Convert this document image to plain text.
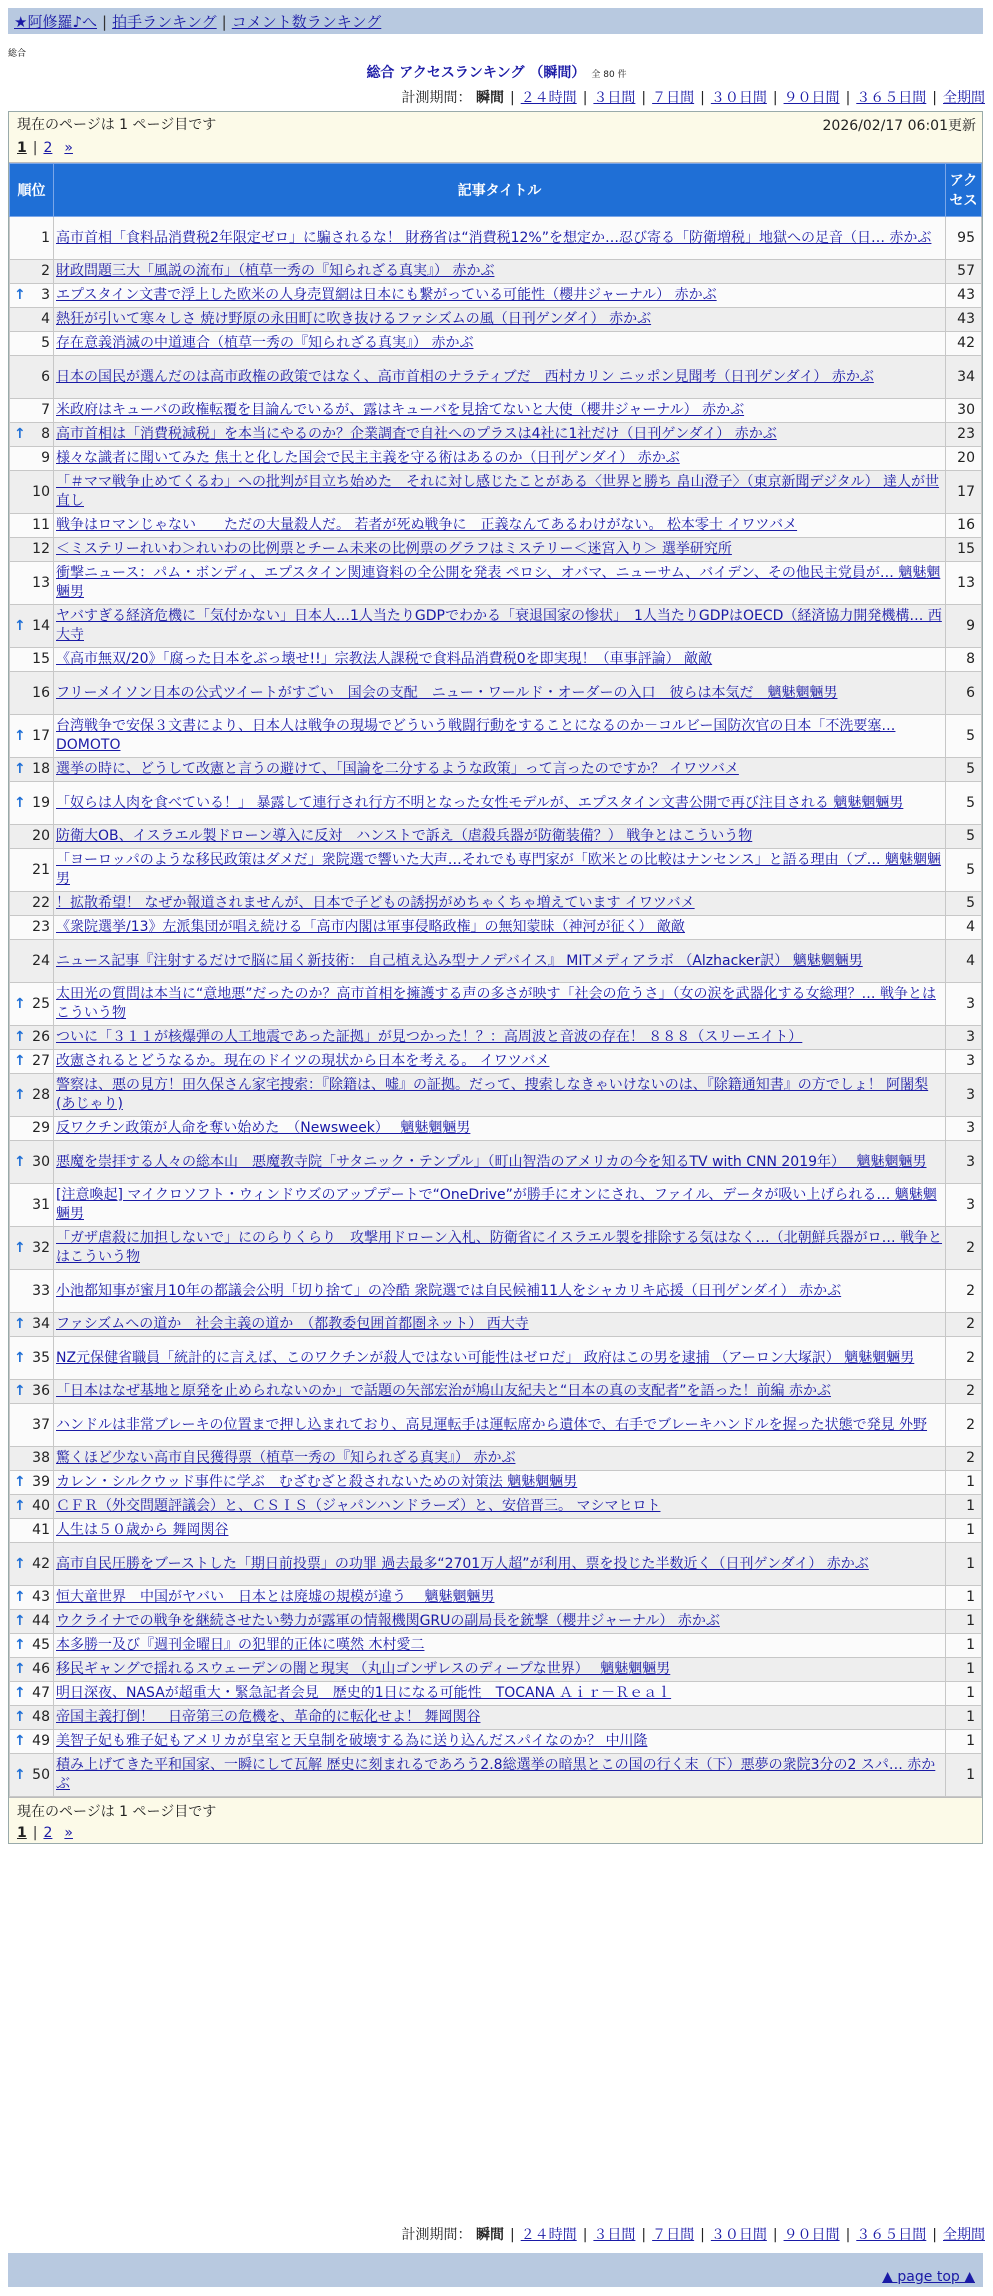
★阿修羅♪へ | 拍手ランキング | コメント数ランキング
総合
総合 アクセスランキング （瞬間） 全 80 件
計測期間： 瞬間 | ２４時間 | ３日間 | ７日間 | ３０日間 | ９０日間 | ３６５日間 | 全期間
現在のページは 1 ページ目です	2026/02/17 06:01更新
1 | 2 »
順位	記事タイトル	アクセス
1	高市首相「食料品消費税2年限定ゼロ」に騙されるな！ 財務省は“消費税12%”を想定か…忍び寄る「防衛増税」地獄への足音（日… 赤かぶ	95
2	財政問題三大「風説の流布」（植草一秀の『知られざる真実』） 赤かぶ	57

↑ 3	エプスタイン文書で浮上した欧米の人身売買網は日本にも繋がっている可能性（櫻井ジャーナル） 赤かぶ	43
4	熱狂が引いて寒々しさ 焼け野原の永田町に吹き抜けるファシズムの風（日刊ゲンダイ） 赤かぶ	43
5	存在意義消滅の中道連合（植草一秀の『知られざる真実』） 赤かぶ	42
6	日本の国民が選んだのは高市政権の政策ではなく、高市首相のナラティブだ　西村カリン ニッポン見聞考（日刊ゲンダイ） 赤かぶ	34
7	米政府はキューバの政権転覆を目論んでいるが、露はキューバを見捨てないと大使（櫻井ジャーナル） 赤かぶ	30

↑ 8	高市首相は「消費税減税」を本当にやるのか？企業調査で自社へのプラスは4社に1社だけ（日刊ゲンダイ） 赤かぶ	23
9	様々な識者に聞いてみた 焦土と化した国会で民主主義を守る術はあるのか（日刊ゲンダイ） 赤かぶ	20
10	「＃ママ戦争止めてくるわ」への批判が目立ち始めた　それに対し感じたことがある〈世界と勝ち 畠山澄子〉（東京新聞デジタル） 達人が世直し	17
11	戦争はロマンじゃない　　ただの大量殺人だ。 若者が死ぬ戦争に　正義なんてあるわけがない。 松本零士 イワツバメ	16
12	＜ミステリーれいわ＞れいわの比例票とチーム未来の比例票のグラフはミステリー＜迷宮入り＞ 選挙研究所	15
13	衝撃ニュース：パム・ボンディ、エプスタイン関連資料の全公開を発表 ペロシ、オバマ、ニューサム、バイデン、その他民主党員が… 魑魅魍魎男	13

↑ 14	ヤバすぎる経済危機に「気付かない」日本人…1人当たりGDPでわかる「衰退国家の惨状」　1人当たりGDPはOECD（経済協力開発機構… 西大寺	9
15	《高市無双/20》「腐った日本をぶっ壊せ!!」宗教法人課税で食料品消費税0を即実現！（車事評論） 敵敵	8
16	フリーメイソン日本の公式ツイートがすごい　国会の支配　ニュー・ワールド・オーダーの入口　彼らは本気だ　魑魅魍魎男	6

↑ 17	台湾戦争で安保３文書により、日本人は戦争の現場でどういう戦闘行動をすることになるのか－コルビー国防次官の日本「不洗要塞… DOMOTO	5

↑ 18	選挙の時に、どうして改憲と言うの避けて、「国論を二分するような政策」って言ったのですか？ イワツバメ	5

↑ 19	「奴らは人肉を食べている！」 暴露して連行され行方不明となった女性モデルが、エプスタイン文書公開で再び注目される 魑魅魍魎男	5
20	防衛大OB、イスラエル製ドローン導入に反対　ハンストで訴え（虐殺兵器が防衛装備？） 戦争とはこういう物	5
21	「ヨーロッパのような移民政策はダメだ」衆院選で響いた大声…それでも専門家が「欧米との比較はナンセンス」と語る理由（プ… 魑魅魍魎男	5
22	！拡散希望！ なぜか報道されませんが、日本で子どもの誘拐がめちゃくちゃ増えています イワツバメ	5
23	《衆院選挙/13》左派集団が唱え続ける「高市内閣は軍事侵略政権」の無知蒙昧（神河が征く） 敵敵	4
24	ニュース記事『注射するだけで脳に届く新技術： 自己植え込み型ナノデバイス』 MITメディアラボ （Alzhacker訳） 魑魅魍魎男	4

↑ 25	太田光の質問は本当に“意地悪”だったのか？高市首相を擁護する声の多さが映す「社会の危うさ」（女の涙を武器化する女総理？… 戦争とはこういう物	3

↑ 26	ついに「３１１が核爆弾の人工地震であった証拠」が見つかった！？：高周波と音波の存在！ ８８８（スリーエイト）	3

↑ 27	改憲されるとどうなるか。現在のドイツの現状から日本を考える。 イワツバメ	3

↑ 28	警察は、悪の見方！田久保さん家宅捜索：『除籍は、嘘』の証拠。だって、捜索しなきゃいけないのは、『除籍通知書』の方でしょ！ 阿闍梨(あじゃり)	3
29	反ワクチン政策が人命を奪い始めた　（Newsweek）　 魑魅魍魎男	3

↑ 30	悪魔を崇拝する人々の総本山　悪魔教寺院「サタニック・テンプル」（町山智浩のアメリカの今を知るTV with CNN 2019年）　 魑魅魍魎男	3
31	[注意喚起] マイクロソフト・ウィンドウズのアップデートで“OneDrive”が勝手にオンにされ、ファイル、データが吸い上げられる… 魑魅魍魎男	3

↑ 32	「ガザ虐殺に加担しないで」にのらりくらり　攻撃用ドローン入札、防衛省にイスラエル製を排除する気はなく…（北朝鮮兵器がロ… 戦争とはこういう物	2
33	小池都知事が蜜月10年の都議会公明「切り捨て」の冷酷 衆院選では自民候補11人をシャカリキ応援（日刊ゲンダイ） 赤かぶ	2

↑ 34	ファシズムへの道か　社会主義の道か　（都教委包囲首都圏ネット） 西大寺	2

↑ 35	NZ元保健省職員「統計的に言えば、このワクチンが殺人ではない可能性はゼロだ」 政府はこの男を逮捕 （アーロン大塚訳） 魑魅魍魎男	2

↑ 36	「日本はなぜ基地と原発を止められないのか」で話題の矢部宏治が鳩山友紀夫と“日本の真の支配者”を語った！前編 赤かぶ	2
37	ハンドルは非常ブレーキの位置まで押し込まれており、高見運転手は運転席から遺体で、右手でブレーキハンドルを握った状態で発見 外野	2
38	驚くほど少ない高市自民獲得票（植草一秀の『知られざる真実』） 赤かぶ	2

↑ 39	カレン・シルクウッド事件に学ぶ　むざむざと殺されないための対策法 魑魅魍魎男	1

↑ 40	ＣＦＲ（外交問題評議会）と、ＣＳＩＳ（ジャパンハンドラーズ）と、安倍晋三。 マシマヒロト	1
41	人生は５０歳から 舞岡関谷	1

↑ 42	高市自民圧勝をブーストした「期日前投票」の功罪 過去最多“2701万人超”が利用、票を投じた半数近く（日刊ゲンダイ） 赤かぶ	1

↑ 43	恒大童世界　中国がヤバい　日本とは廃墟の規模が違う　 魑魅魍魎男	1

↑ 44	ウクライナでの戦争を継続させたい勢力が露軍の情報機関GRUの副局長を銃撃（櫻井ジャーナル） 赤かぶ	1

↑ 45	本多勝一及び『週刊金曜日』の犯罪的正体に嘆然 木村愛二	1

↑ 46	移民ギャングで揺れるスウェーデンの闇と現実 （丸山ゴンザレスのディープな世界）　 魑魅魍魎男	1

↑ 47	明日深夜、NASAが超重大・緊急記者会見　歴史的1日になる可能性　TOCANA Ａｉｒ－Ｒｅａｌ	1

↑ 48	帝国主義打倒！　日帝第三の危機を、革命的に転化せよ！ 舞岡関谷	1

↑ 49	美智子妃も雅子妃もアメリカが皇室と天皇制を破壊する為に送り込んだスパイなのか？ 中川隆	1

↑ 50	積み上げてきた平和国家、一瞬にして瓦解 歴史に刻まれるであろう2.8総選挙の暗黒とこの国の行く末（下）悪夢の衆院3分の2 スパ… 赤かぶ	1
現在のページは 1 ページ目です
1 | 2 »
計測期間： 瞬間 | ２４時間 | ３日間 | ７日間 | ３０日間 | ９０日間 | ３６５日間 | 全期間
▲ page top ▲
